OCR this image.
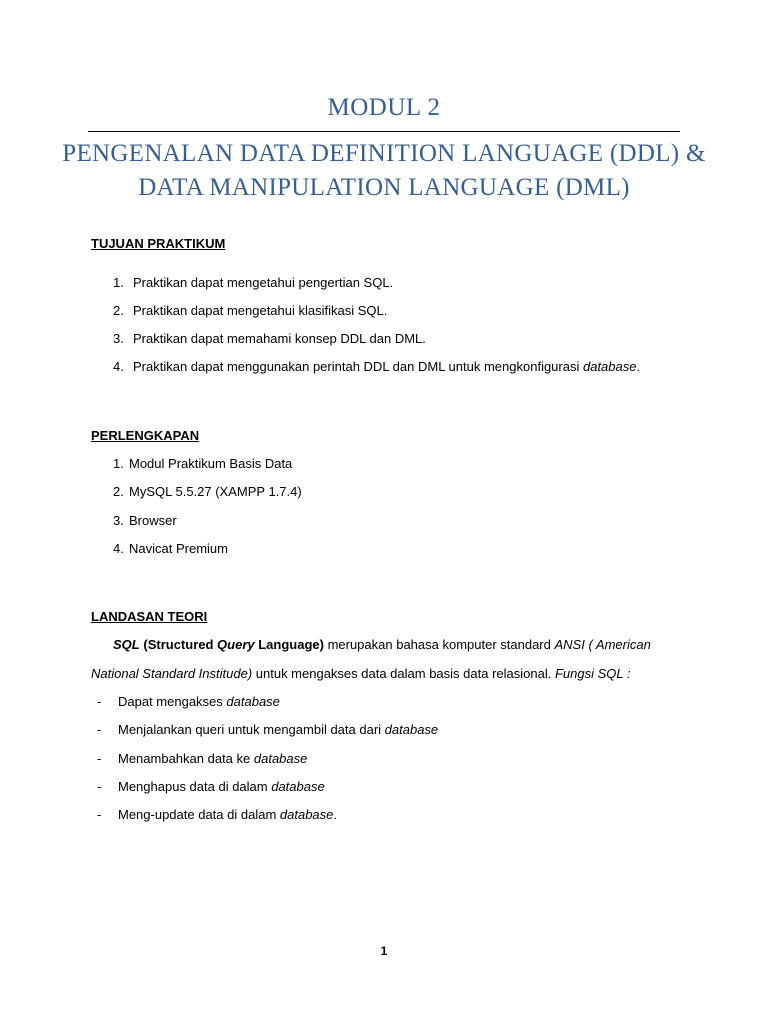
MODUL 2
PENGENALAN DATA DEFINITION LANGUAGE (DDL) &
DATA MANIPULATION LANGUAGE (DML)
TUJUAN PRAKTIKUM
1. Praktikan dapat mengetahui pengertian SQL.
2. Praktikan dapat mengetahui klasifikasi SQL.
3. Praktikan dapat memahami konsep DDL dan DML.
4. Praktikan dapat menggunakan perintah DDL dan DML untuk mengkonfigurasi database.
PERLENGKAPAN
1. Modul Praktikum Basis Data
2. MySQL 5.5.27 (XAMPP 1.7.4)
3. Browser
4. Navicat Premium
LANDASAN TEORI

SQL (Structured Query Language) merupakan bahasa komputer standard ANSI ( American

National Standard Institude) untuk mengakses data dalam basis data relasional. Fungsi SQL :

- Dapat mengakses database
- Menjalankan queri untuk mengambil data dari database
- Menambahkan data ke database
- Menghapus data di dalam database
- Meng-update data di dalam database.
1
